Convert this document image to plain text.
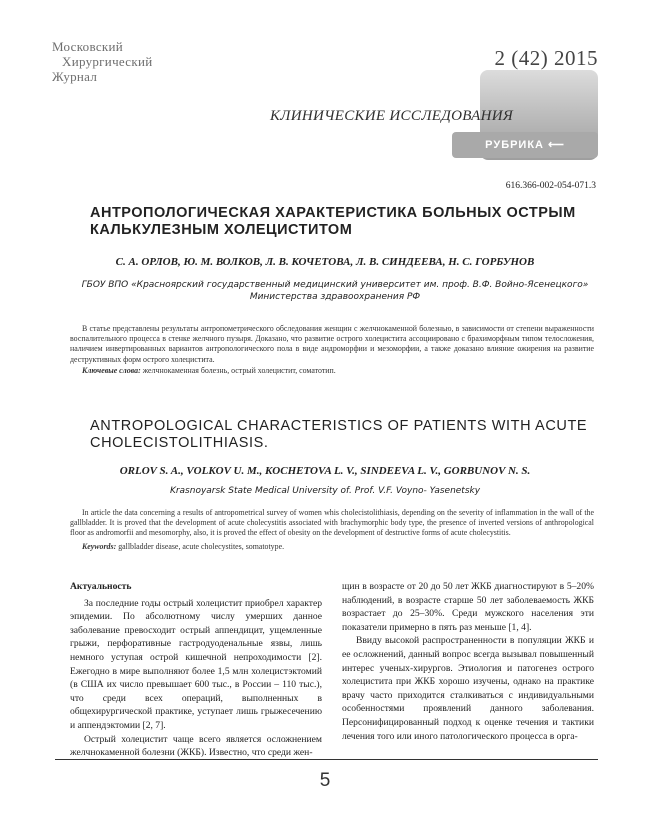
Московский
Хирургический
Журнал
2 (42) 2015
РУБРИКА ⟵
КЛИНИЧЕСКИЕ ИССЛЕДОВАНИЯ
616.366-002-054-071.3
АНТРОПОЛОГИЧЕСКАЯ ХАРАКТЕРИСТИКА БОЛЬНЫХ ОСТРЫМ
КАЛЬКУЛЕЗНЫМ ХОЛЕЦИСТИТОМ
С. А. ОРЛОВ, Ю. М. ВОЛКОВ, Л. В. КОЧЕТОВА, Л. В. СИНДЕЕВА, Н. С. ГОРБУНОВ
ГБОУ ВПО «Красноярский государственный медицинский университет им. проф. В.Ф. Войно-Ясенецкого»
Министерства здравоохранения РФ
В статье представлены результаты антропометрического обследования женщин с желчнокаменной болезнью, в зависимости от степени выраженности воспалительного процесса в стенке желчного пузыря. Доказано, что развитие острого холецистита ассоциировано с брахиморфным типом телосложения, наличием инвертированных вариантов антропологического пола в виде андроморфии и мезоморфии, а также доказано влияние ожирения на развитие деструктивных форм острого холецистита.
Ключевые слова: желчнокаменная болезнь, острый холецистит, соматотип.
ANTROPOLOGICAL CHARACTERISTICS OF PATIENTS WITH ACUTE
CHOLECISTOLITHIASIS.
ORLOV S. A., VOLKOV U. M., KOCHETOVA L. V., SINDEEVA L. V., GORBUNOV N. S.
Krasnoyarsk State Medical University of. Prof. V.F. Voyno- Yasenetsky
In article the data concerning a results of antropometrical survey of women whis cholecistolithiasis, depending on the severity of inflammation in the wall of the gallbladder. It is proved that the development of acute cholecystitis associated with brachymorphic body type, the presence of inverted versions of anthropological floor as andromorfii and mesomorphy, also, it is proved the effect of obesity on the development of destructive forms of acute cholecystitis.
Keywords: gallbladder disease, acute cholecystites, somatotype.
Актуальность

За последние годы острый холецистит приобрел характер эпидемии. По абсолютному числу умерших данное заболевание превосходит острый аппендицит, ущемленные грыжи, перфоративные гастродуоденальные язвы, лишь немного уступая острой кишечной непроходимости [2]. Ежегодно в мире выполняют более 1,5 млн холецистэктомий (в США их число превышает 600 тыс., в России – 110 тыс.), что среди всех операций, выполненных в общехирургической практике, уступает лишь грыжесечению и аппендэктомии [2, 7].

Острый холецистит чаще всего является осложнением желчнокаменной болезни (ЖКБ). Известно, что среди жен-

щин в возрасте от 20 до 50 лет ЖКБ диагностируют в 5–20% наблюдений, в возрасте старше 50 лет заболеваемость ЖКБ возрастает до 25–30%. Среди мужского населения эти показатели примерно в пять раз меньше [1, 4].

Ввиду высокой распространенности в популяции ЖКБ и ее осложнений, данный вопрос всегда вызывал повышенный интерес ученых-хирургов. Этиология и патогенез острого холецистита при ЖКБ хорошо изучены, однако на практике врачу часто приходится сталкиваться с индивидуальными особенностями проявлений данного заболевания. Персонифицированный подход к оценке течения и тактики лечения того или иного патологического процесса в орга-

5
